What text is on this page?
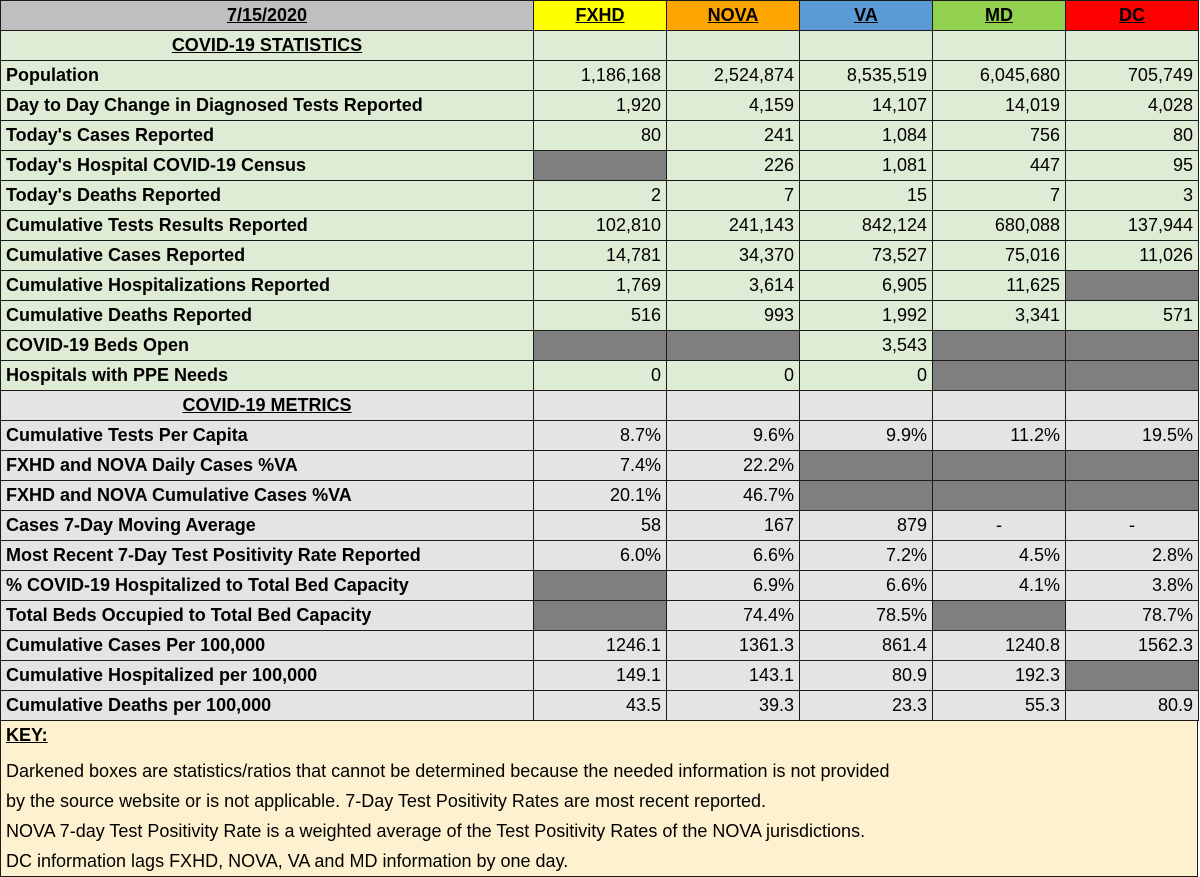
7/15/2020	FXHD	NOVA	VA	MD	DC
COVID-19 STATISTICS					
Population	1,186,168	2,524,874	8,535,519	6,045,680	705,749
Day to Day Change in Diagnosed Tests Reported	1,920	4,159	14,107	14,019	4,028
Today's Cases Reported	80	241	1,084	756	80
Today's Hospital COVID-19 Census		226	1,081	447	95
Today's Deaths Reported	2	7	15	7	3
Cumulative Tests Results Reported	102,810	241,143	842,124	680,088	137,944
Cumulative Cases Reported	14,781	34,370	73,527	75,016	11,026
Cumulative Hospitalizations Reported	1,769	3,614	6,905	11,625	
Cumulative Deaths Reported	516	993	1,992	3,341	571
COVID-19 Beds Open			3,543		
Hospitals with PPE Needs	0	0	0		
COVID-19 METRICS					
Cumulative Tests Per Capita	8.7%	9.6%	9.9%	11.2%	19.5%
FXHD and NOVA Daily Cases %VA	7.4%	22.2%			
FXHD and NOVA Cumulative Cases %VA	20.1%	46.7%			
Cases 7-Day Moving Average	58	167	879	-	-
Most Recent 7-Day Test Positivity Rate Reported	6.0%	6.6%	7.2%	4.5%	2.8%
% COVID-19 Hospitalized to Total Bed Capacity		6.9%	6.6%	4.1%	3.8%
Total Beds Occupied to Total Bed Capacity		74.4%	78.5%		78.7%
Cumulative Cases Per 100,000	1246.1	1361.3	861.4	1240.8	1562.3
Cumulative Hospitalized per 100,000	149.1	143.1	80.9	192.3	
Cumulative Deaths per 100,000	43.5	39.3	23.3	55.3	80.9
KEY:
Darkened boxes are statistics/ratios that cannot be determined because the needed information is not provided
by the source website or is not applicable. 7-Day Test Positivity Rates are most recent reported.
NOVA 7-day Test Positivity Rate is a weighted average of the Test Positivity Rates of the NOVA jurisdictions.
DC information lags FXHD, NOVA, VA and MD information by one day.
